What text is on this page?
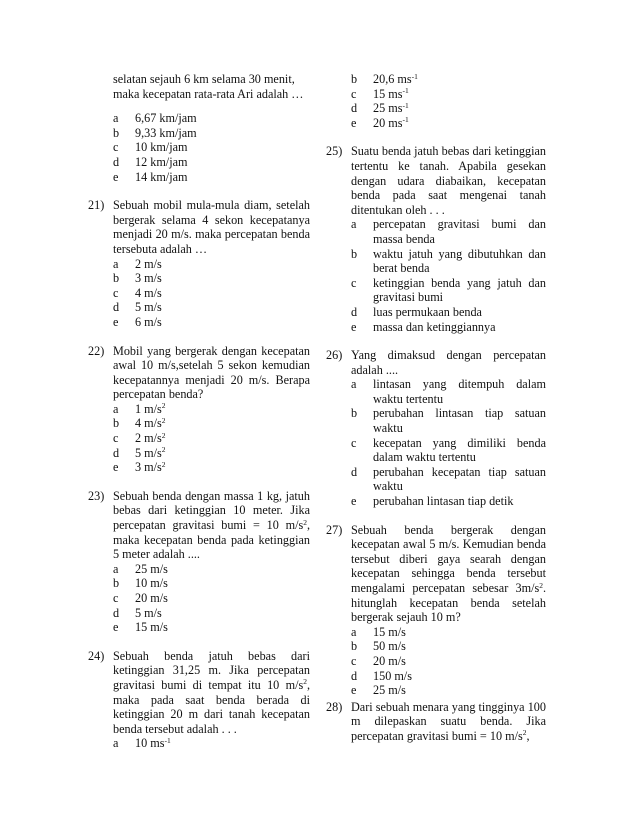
selatan sejauh 6 km selama 30 menit,
maka kecepatan rata-rata Ari adalah …
a	6,67 km/jam
b	9,33 km/jam
c	10 km/jam
d	12 km/jam
e	14 km/jam
21) Sebuah mobil mula-mula diam, setelah bergerak selama 4 sekon kecepatanya menjadi 20 m/s. maka percepatan benda tersebuta adalah …
a	2 m/s
b	3 m/s
c	4 m/s
d	5 m/s
e	6 m/s
22) Mobil yang bergerak dengan kecepatan awal 10 m/s,setelah 5 sekon kemudian kecepatannya menjadi 20 m/s. Berapa percepatan benda?
a	1 $m/s^2$
b	4 $m/s^2$
c	2 $m/s^2$
d	5 $m/s^2$
e	3 $m/s^2$
23) Sebuah benda dengan massa 1 kg, jatuh bebas dari ketinggian 10 meter. Jika percepatan gravitasi bumi = 10 $m/s^2$, maka kecepatan benda pada ketinggian 5 meter adalah ....
a	25 m/s
b	10 m/s
c	20 m/s
d	5 m/s
e	15 m/s
24) Sebuah benda jatuh bebas dari ketinggian 31,25 m. Jika percepatan gravitasi bumi di tempat itu 10 $m/s^2$, maka pada saat benda berada di ketinggian 20 m dari tanah kecepatan benda tersebut adalah . . .
a	10 $ms^{-1}$
b	20,6 $ms^{-1}$
c	15 $ms^{-1}$
d	25 $ms^{-1}$
e	20 $ms^{-1}$
25) Suatu benda jatuh bebas dari ketinggian tertentu ke tanah. Apabila gesekan dengan udara diabaikan, kecepatan benda pada saat mengenai tanah ditentukan oleh . . .
a	percepatan gravitasi bumi dan massa benda
b	waktu jatuh yang dibutuhkan dan berat benda
c	ketinggian benda yang jatuh dan gravitasi bumi
d	luas permukaan benda
e	massa dan ketinggiannya
26) Yang dimaksud dengan percepatan adalah ....
a	lintasan yang ditempuh dalam waktu tertentu
b	perubahan lintasan tiap satuan waktu
c	kecepatan yang dimiliki benda dalam waktu tertentu
d	perubahan kecepatan tiap satuan waktu
e	perubahan lintasan tiap detik
27) Sebuah benda bergerak dengan kecepatan awal 5 m/s. Kemudian benda tersebut diberi gaya searah dengan kecepatan sehingga benda tersebut mengalami percepatan sebesar $3m/s^2$. hitunglah kecepatan benda setelah bergerak sejauh 10 m?
a	15 m/s
b	50 m/s
c	20 m/s
d	150 m/s
e	25 m/s
28) Dari sebuah menara yang tingginya 100 m dilepaskan suatu benda. Jika percepatan gravitasi bumi = 10 $m/s^2$,
